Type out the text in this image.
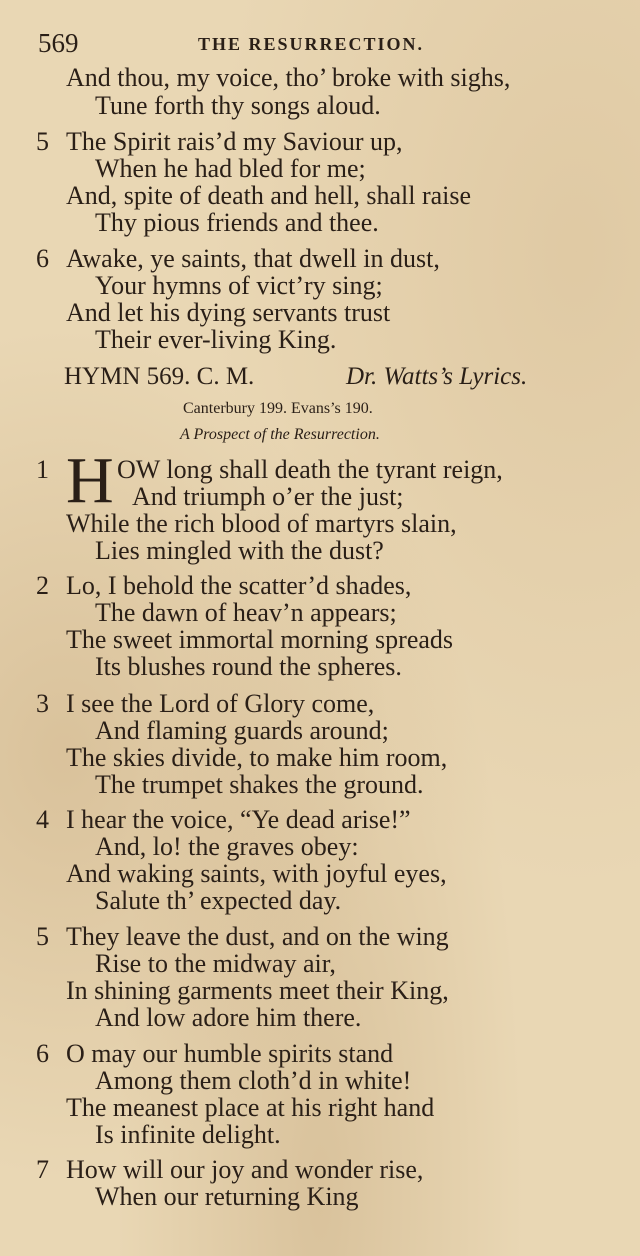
569	THE RESURRECTION.
And thou, my voice, tho’ broke with sighs,
Tune forth thy songs aloud.
5 The Spirit rais’d my Saviour up,
When he had bled for me;
And, spite of death and hell, shall raise
Thy pious friends and thee.
6 Awake, ye saints, that dwell in dust,
Your hymns of vict’ry sing;
And let his dying servants trust
Their ever-living King.
HYMN 569. C. M.	Dr. Watts’s Lyrics.
Canterbury 199. Evans’s 190.
A Prospect of the Resurrection.
1 H OW long shall death the tyrant reign,
And triumph o’er the just;
While the rich blood of martyrs slain,
Lies mingled with the dust?
2 Lo, I behold the scatter’d shades,
The dawn of heav’n appears;
The sweet immortal morning spreads
Its blushes round the spheres.
3 I see the Lord of Glory come,
And flaming guards around;
The skies divide, to make him room,
The trumpet shakes the ground.
4 I hear the voice, “Ye dead arise!”
And, lo! the graves obey:
And waking saints, with joyful eyes,
Salute th’ expected day.
5 They leave the dust, and on the wing
Rise to the midway air,
In shining garments meet their King,
And low adore him there.
6 O may our humble spirits stand
Among them cloth’d in white!
The meanest place at his right hand
Is infinite delight.
7 How will our joy and wonder rise,
When our returning King
